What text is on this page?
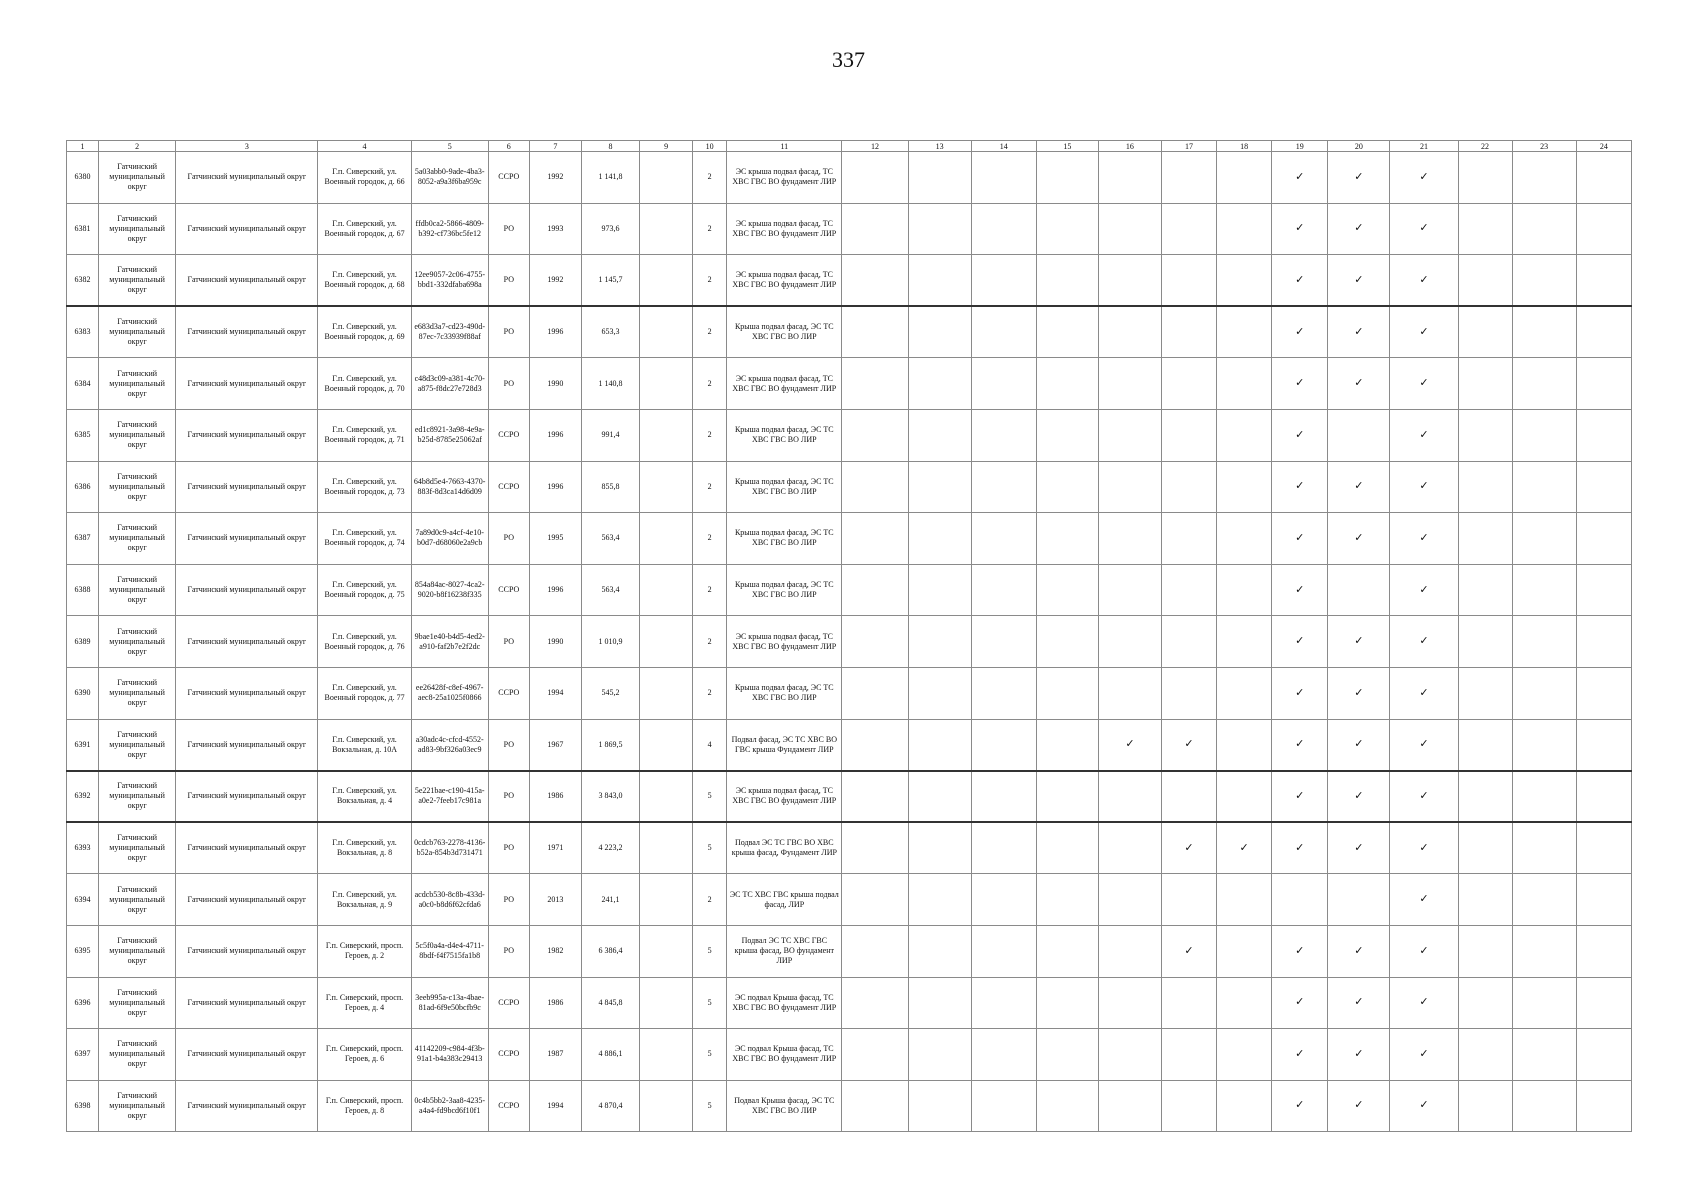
337
1	2	3	4	5	6	7	8	9	10	11	12	13	14	15	16	17	18	19	20	21	22	23	24
6380	Гатчинский муниципальный округ	Гатчинский муниципальный округ	Г.п. Сиверский, ул. Военный городок, д. 66	5a03abb0-9ade-4ba3-8052-a9a3f6ba959c	ССРО	1992	1 141,8		2	ЭС крыша подвал фасад, ТС ХВС ГВС ВО фундамент ЛИР								✓	✓	✓			
6381	Гатчинский муниципальный округ	Гатчинский муниципальный округ	Г.п. Сиверский, ул. Военный городок, д. 67	ffdb0ca2-5866-4809-b392-cf736bc5fe12	РО	1993	973,6		2	ЭС крыша подвал фасад, ТС ХВС ГВС ВО фундамент ЛИР								✓	✓	✓			
6382	Гатчинский муниципальный округ	Гатчинский муниципальный округ	Г.п. Сиверский, ул. Военный городок, д. 68	12ee9057-2c06-4755-bbd1-332dfaba698a	РО	1992	1 145,7		2	ЭС крыша подвал фасад, ТС ХВС ГВС ВО фундамент ЛИР								✓	✓	✓			
6383	Гатчинский муниципальный округ	Гатчинский муниципальный округ	Г.п. Сиверский, ул. Военный городок, д. 69	e683d3a7-cd23-490d-87ec-7c33939f88af	РО	1996	653,3		2	Крыша подвал фасад, ЭС ТС ХВС ГВС ВО ЛИР								✓	✓	✓			
6384	Гатчинский муниципальный округ	Гатчинский муниципальный округ	Г.п. Сиверский, ул. Военный городок, д. 70	c48d3c09-a381-4c70-a875-f8dc27e728d3	РО	1990	1 140,8		2	ЭС крыша подвал фасад, ТС ХВС ГВС ВО фундамент ЛИР								✓	✓	✓			
6385	Гатчинский муниципальный округ	Гатчинский муниципальный округ	Г.п. Сиверский, ул. Военный городок, д. 71	ed1c8921-3a98-4e9a-b25d-8785e25062af	ССРО	1996	991,4		2	Крыша подвал фасад, ЭС ТС ХВС ГВС ВО ЛИР								✓		✓			
6386	Гатчинский муниципальный округ	Гатчинский муниципальный округ	Г.п. Сиверский, ул. Военный городок, д. 73	64b8d5e4-7663-4370-883f-8d3ca14d6d09	ССРО	1996	855,8		2	Крыша подвал фасад, ЭС ТС ХВС ГВС ВО ЛИР								✓	✓	✓			
6387	Гатчинский муниципальный округ	Гатчинский муниципальный округ	Г.п. Сиверский, ул. Военный городок, д. 74	7a89d0c9-a4cf-4e10-b0d7-d68060e2a9cb	РО	1995	563,4		2	Крыша подвал фасад, ЭС ТС ХВС ГВС ВО ЛИР								✓	✓	✓			
6388	Гатчинский муниципальный округ	Гатчинский муниципальный округ	Г.п. Сиверский, ул. Военный городок, д. 75	854a84ac-8027-4ca2-9020-b8f16238f335	ССРО	1996	563,4		2	Крыша подвал фасад, ЭС ТС ХВС ГВС ВО ЛИР								✓		✓			
6389	Гатчинский муниципальный округ	Гатчинский муниципальный округ	Г.п. Сиверский, ул. Военный городок, д. 76	9bae1e40-b4d5-4ed2-a910-faf2b7e2f2dc	РО	1990	1 010,9		2	ЭС крыша подвал фасад, ТС ХВС ГВС ВО фундамент ЛИР								✓	✓	✓			
6390	Гатчинский муниципальный округ	Гатчинский муниципальный округ	Г.п. Сиверский, ул. Военный городок, д. 77	ee26428f-c8ef-4967-aec8-25a1025f0866	ССРО	1994	545,2		2	Крыша подвал фасад, ЭС ТС ХВС ГВС ВО ЛИР								✓	✓	✓			
6391	Гатчинский муниципальный округ	Гатчинский муниципальный округ	Г.п. Сиверский, ул. Вокзальная, д. 10А	a30adc4c-cfcd-4552-ad83-9bf326a03ec9	РО	1967	1 869,5		4	Подвал фасад, ЭС ТС ХВС ВО ГВС крыша Фундамент ЛИР					✓	✓		✓	✓	✓			
6392	Гатчинский муниципальный округ	Гатчинский муниципальный округ	Г.п. Сиверский, ул. Вокзальная, д. 4	5e221bae-c190-415a-a0e2-7feeb17c981a	РО	1986	3 843,0		5	ЭС крыша подвал фасад, ТС ХВС ГВС ВО фундамент ЛИР								✓	✓	✓			
6393	Гатчинский муниципальный округ	Гатчинский муниципальный округ	Г.п. Сиверский, ул. Вокзальная, д. 8	0cdcb763-2278-4136-b52a-854b3d731471	РО	1971	4 223,2		5	Подвал ЭС ТС ГВС ВО ХВС крыша фасад, Фундамент ЛИР						✓	✓	✓	✓	✓			
6394	Гатчинский муниципальный округ	Гатчинский муниципальный округ	Г.п. Сиверский, ул. Вокзальная, д. 9	acdcb530-8c8b-433d-a0c0-b8d6f62cfda6	РО	2013	241,1		2	ЭС ТС ХВС ГВС крыша подвал фасад, ЛИР										✓			
6395	Гатчинский муниципальный округ	Гатчинский муниципальный округ	Г.п. Сиверский, просп. Героев, д. 2	5c5f0a4a-d4e4-4711-8bdf-f4f7515fa1b8	РО	1982	6 386,4		5	Подвал ЭС ТС ХВС ГВС крыша фасад, ВО фундамент ЛИР						✓		✓	✓	✓			
6396	Гатчинский муниципальный округ	Гатчинский муниципальный округ	Г.п. Сиверский, просп. Героев, д. 4	3eeb995a-c13a-4bae-81ad-6f9e50bcfb9c	ССРО	1986	4 845,8		5	ЭС подвал Крыша фасад, ТС ХВС ГВС ВО фундамент ЛИР								✓	✓	✓			
6397	Гатчинский муниципальный округ	Гатчинский муниципальный округ	Г.п. Сиверский, просп. Героев, д. 6	41142209-c984-4f3b-91a1-b4a383c29413	ССРО	1987	4 886,1		5	ЭС подвал Крыша фасад, ТС ХВС ГВС ВО фундамент ЛИР								✓	✓	✓			
6398	Гатчинский муниципальный округ	Гатчинский муниципальный округ	Г.п. Сиверский, просп. Героев, д. 8	0c4b5bb2-3aa8-4235-a4a4-fd9bcd6f10f1	ССРО	1994	4 870,4		5	Подвал Крыша фасад, ЭС ТС ХВС ГВС ВО ЛИР								✓	✓	✓			
